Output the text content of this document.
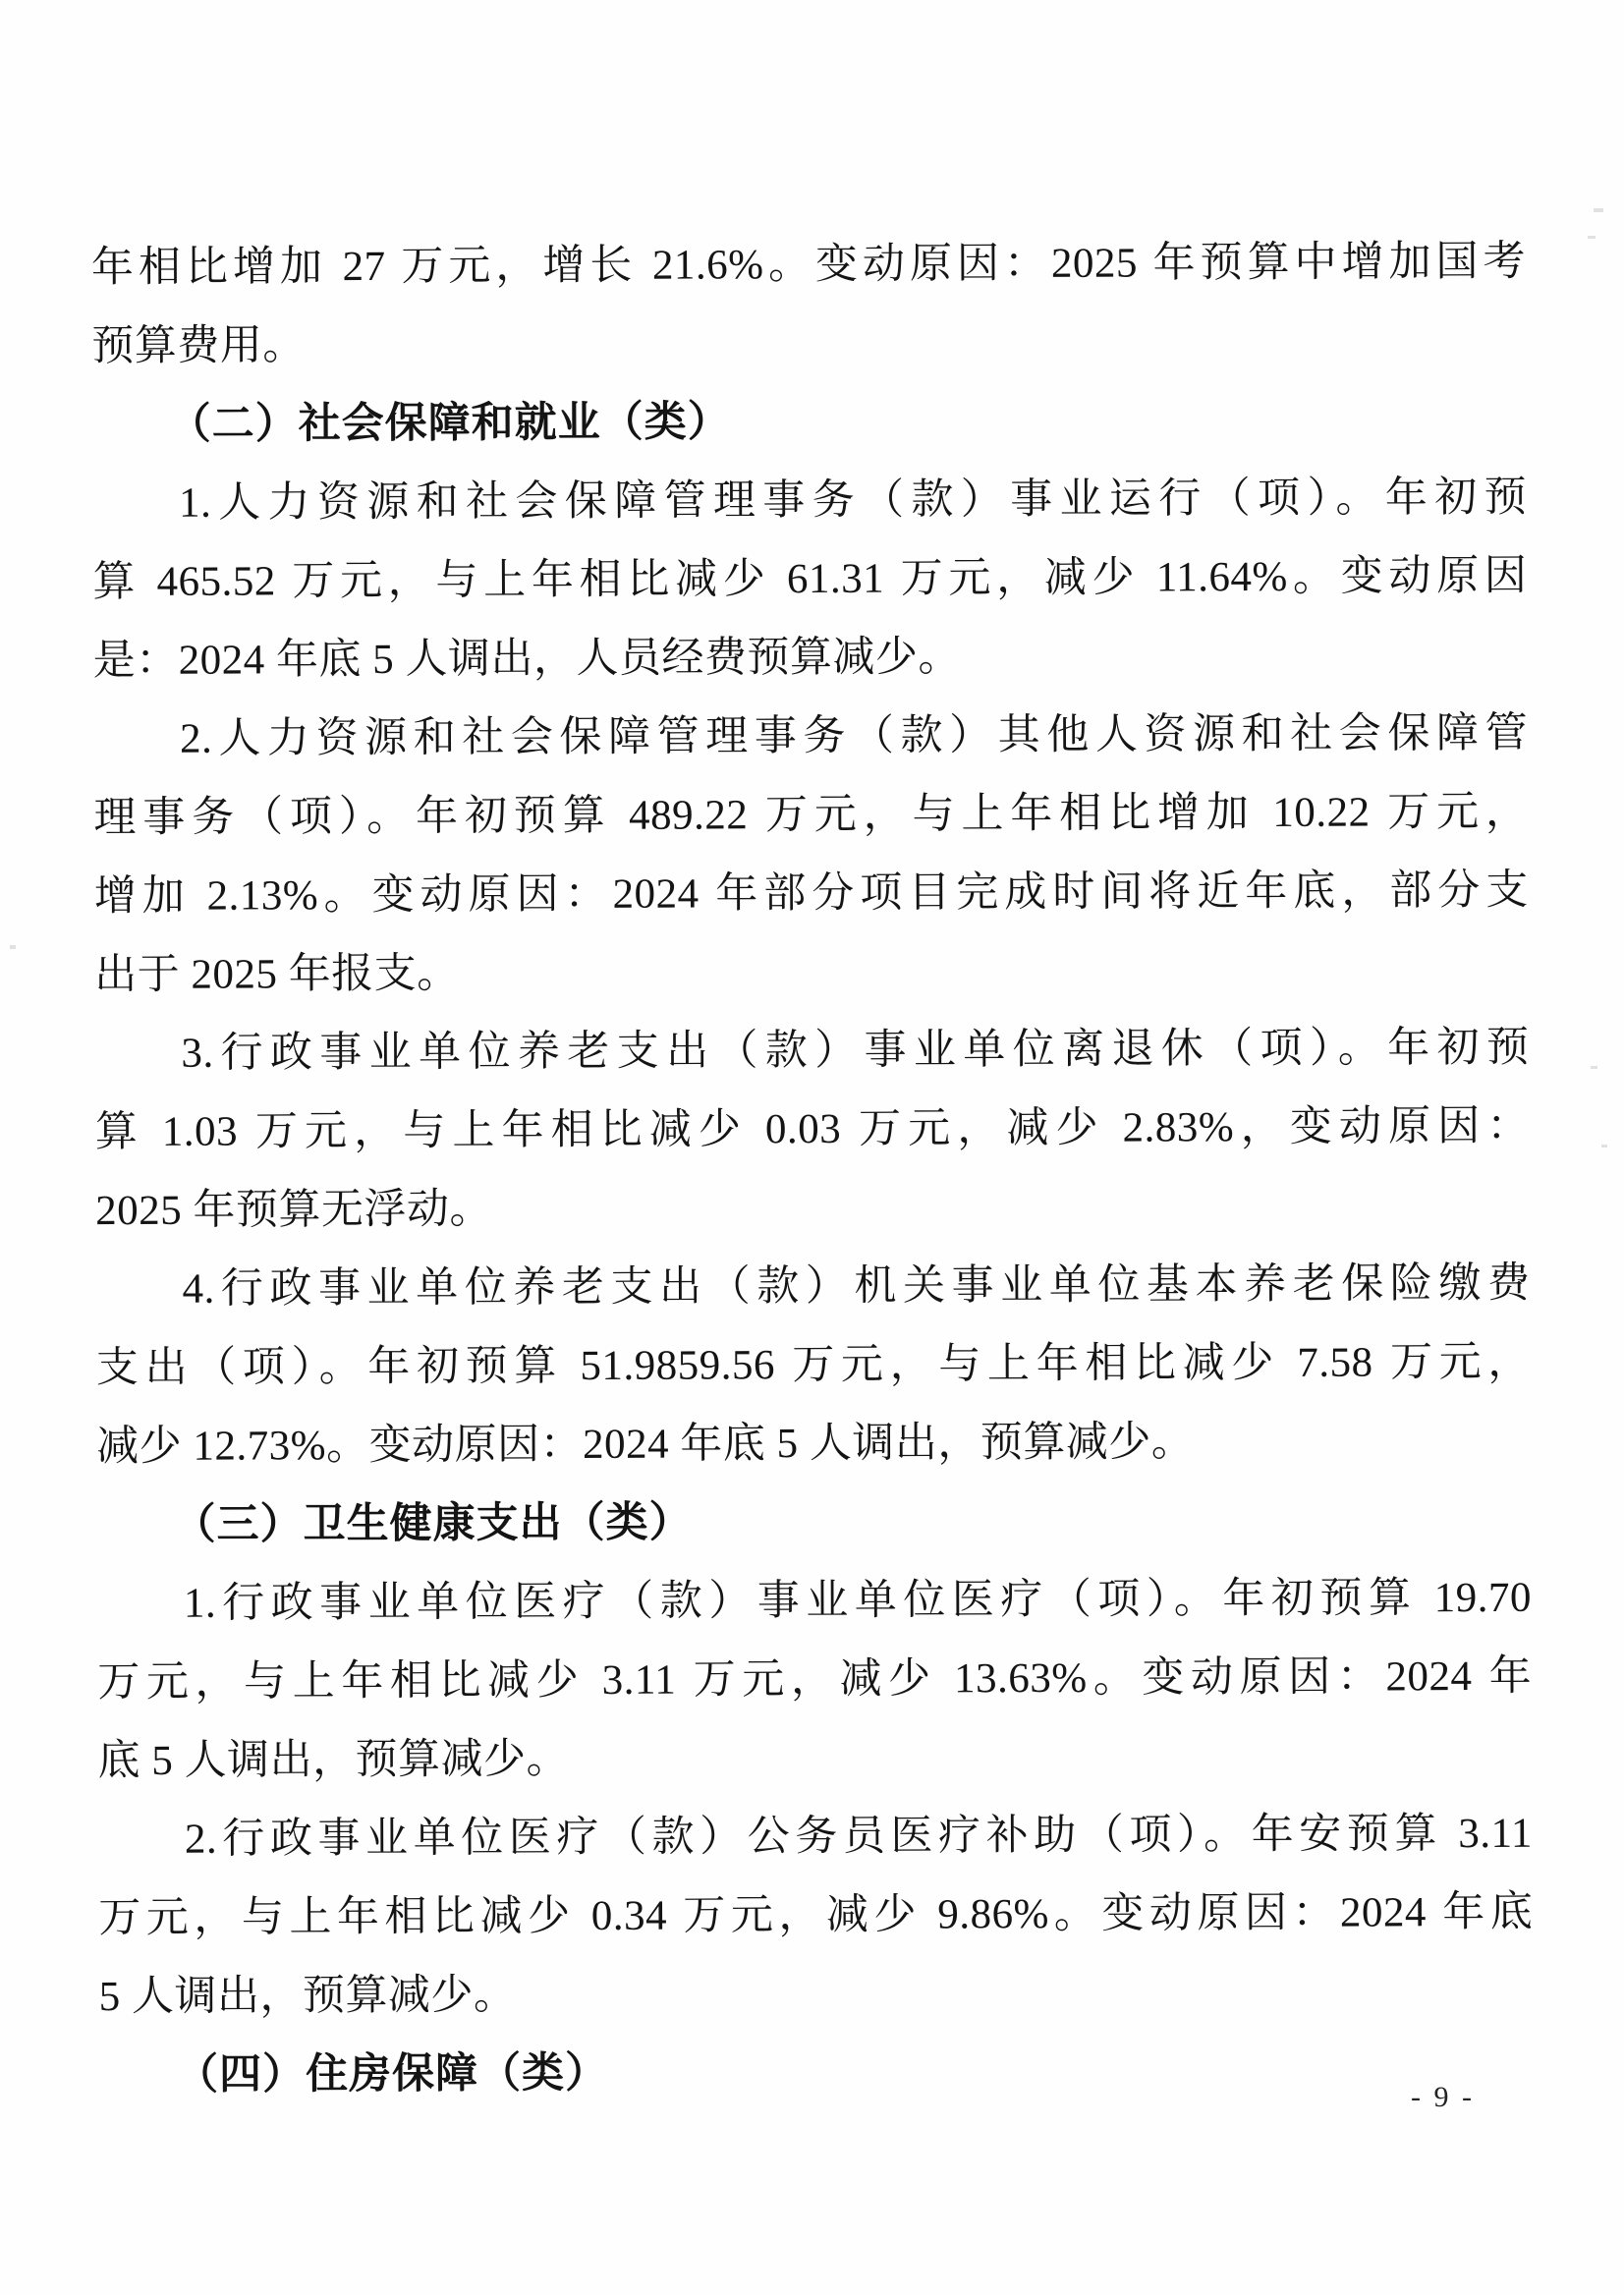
年相比增加 27 万元，增长 21.6%。变动原因：2025 年预算中增加国考
预算费用。
（二）社会保障和就业（类）
1.人力资源和社会保障管理事务（款）事业运行（项）。年初预
算 465.52 万元，与上年相比减少 61.31 万元，减少 11.64%。变动原因
是：2024 年底 5 人调出，人员经费预算减少。
2.人力资源和社会保障管理事务（款）其他人资源和社会保障管
理事务（项）。年初预算 489.22 万元，与上年相比增加 10.22 万元，
增加 2.13%。变动原因：2024 年部分项目完成时间将近年底，部分支
出于 2025 年报支。
3.行政事业单位养老支出（款）事业单位离退休（项）。年初预
算 1.03 万元，与上年相比减少 0.03 万元，减少 2.83%，变动原因：
2025 年预算无浮动。
4.行政事业单位养老支出（款）机关事业单位基本养老保险缴费
支出（项）。年初预算 51.9859.56 万元，与上年相比减少 7.58 万元，
减少 12.73%。变动原因：2024 年底 5 人调出，预算减少。
（三）卫生健康支出（类）
1.行政事业单位医疗（款）事业单位医疗（项）。年初预算 19.70
万元，与上年相比减少 3.11 万元，减少 13.63%。变动原因：2024 年
底 5 人调出，预算减少。
2.行政事业单位医疗（款）公务员医疗补助（项）。年安预算 3.11
万元，与上年相比减少 0.34 万元，减少 9.86%。变动原因：2024 年底
5 人调出，预算减少。
（四）住房保障（类）	- 9 -
